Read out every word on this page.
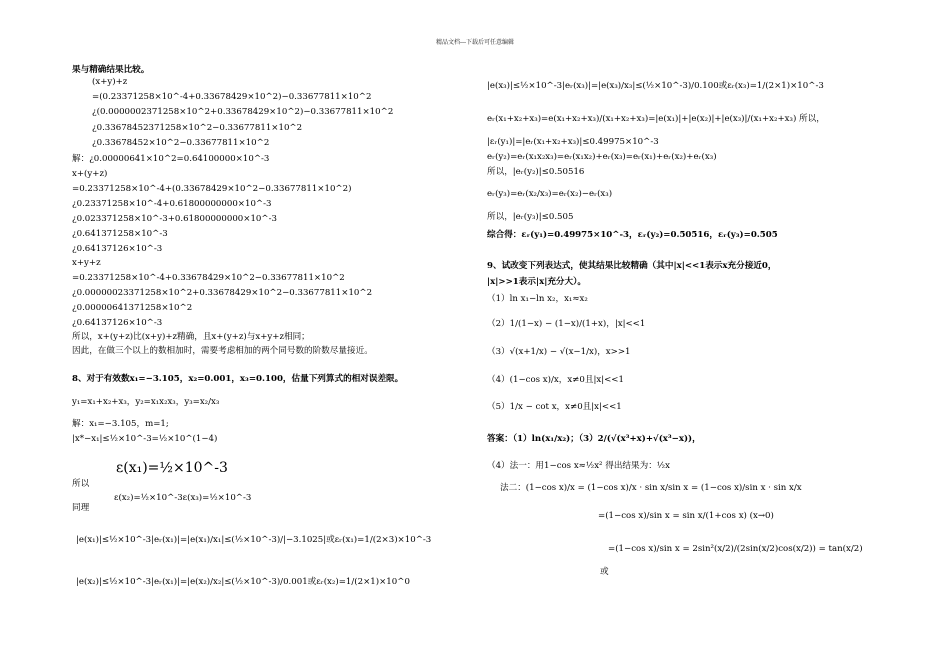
精品文档---下载后可任意编辑
果与精确结果比较。
(x+y)+z
=(0.23371258×10^-4+0.33678429×10^2)−0.33677811×10^2
¿(0.0000002371258×10^2+0.33678429×10^2)−0.33677811×10^2
¿0.33678452371258×10^2−0.33677811×10^2
¿0.33678452×10^2−0.33677811×10^2
解：¿0.00000641×10^2=0.64100000×10^-3
x+(y+z)
=0.23371258×10^-4+(0.33678429×10^2−0.33677811×10^2)
¿0.23371258×10^-4+0.61800000000×10^-3
¿0.023371258×10^-3+0.61800000000×10^-3
¿0.641371258×10^-3
¿0.64137126×10^-3
x+y+z
=0.23371258×10^-4+0.33678429×10^2−0.33677811×10^2
¿0.00000023371258×10^2+0.33678429×10^2−0.33677811×10^2
¿0.00000641371258×10^2
¿0.64137126×10^-3
所以，x+(y+z)比(x+y)+z精确，且x+(y+z)与x+y+z相同；
因此，在做三个以上的数相加时，需要考虑相加的两个同号数的阶数尽量接近。
8、对于有效数x₁=−3.105，x₂=0.001，x₃=0.100，估量下列算式的相对误差限。
y₁=x₁+x₂+x₃，y₂=x₁x₂x₃，y₃=x₂/x₃
解：x₁=−3.105，m=1;
|x*−x₁|≤½×10^-3=½×10^(1−4)
所以
ε(x₁)=½×10^-3
ε(x₂)=½×10^-3ε(x₃)=½×10^-3
同理
|e(x₁)|≤½×10^-3|eᵣ(x₁)|=|e(x₁)/x₁|≤(½×10^-3)/|−3.1025|或εᵣ(x₁)=1/(2×3)×10^-3
|e(x₂)|≤½×10^-3|eᵣ(x₁)|=|e(x₂)/x₂|≤(½×10^-3)/0.001或εᵣ(x₂)=1/(2×1)×10^0
|e(x₃)|≤½×10^-3|eᵣ(x₃)|=|e(x₃)/x₃|≤(½×10^-3)/0.100或εᵣ(x₃)=1/(2×1)×10^-3
eᵣ(x₁+x₂+x₃)=e(x₁+x₂+x₃)/(x₁+x₂+x₃)=|e(x₁)|+|e(x₂)|+|e(x₃)|/(x₁+x₂+x₃) 所以，
|εᵣ(y₁)|=|eᵣ(x₁+x₂+x₃)|≤0.49975×10^-3
eᵣ(y₂)=eᵣ(x₁x₂x₃)=eᵣ(x₁x₂)+eᵣ(x₃)=eᵣ(x₁)+eᵣ(x₂)+eᵣ(x₃)
所以，|eᵣ(y₂)|≤0.50516
eᵣ(y₃)=eᵣ(x₂/x₃)=eᵣ(x₂)−eᵣ(x₃)
所以，|eᵣ(y₃)|≤0.505
综合得：εᵣ(y₁)=0.49975×10^-3，εᵣ(y₂)=0.50516，εᵣ(y₃)=0.505
9、试改变下列表达式，使其结果比较精确（其中|x|<<1表示x充分接近0，
|x|>>1表示|x|充分大）。
（1）ln x₁−ln x₂，x₁≈x₂
（2）1/(1−x) − (1−x)/(1+x)，|x|<<1
（3）√(x+1/x) − √(x−1/x)，x>>1
（4）(1−cos x)/x，x≠0且|x|<<1
（5）1/x − cot x，x≠0且|x|<<1
答案：（1）ln(x₁/x₂)；（3）2/(√(x³+x)+√(x³−x))，
（4）法一：用1−cos x≈½x² 得出结果为：½x
法二：(1−cos x)/x = (1−cos x)/x · sin x/sin x = (1−cos x)/sin x · sin x/x
=(1−cos x)/sin x = sin x/(1+cos x) (x→0)
=(1−cos x)/sin x = 2sin²(x/2)/(2sin(x/2)cos(x/2)) = tan(x/2)
或
